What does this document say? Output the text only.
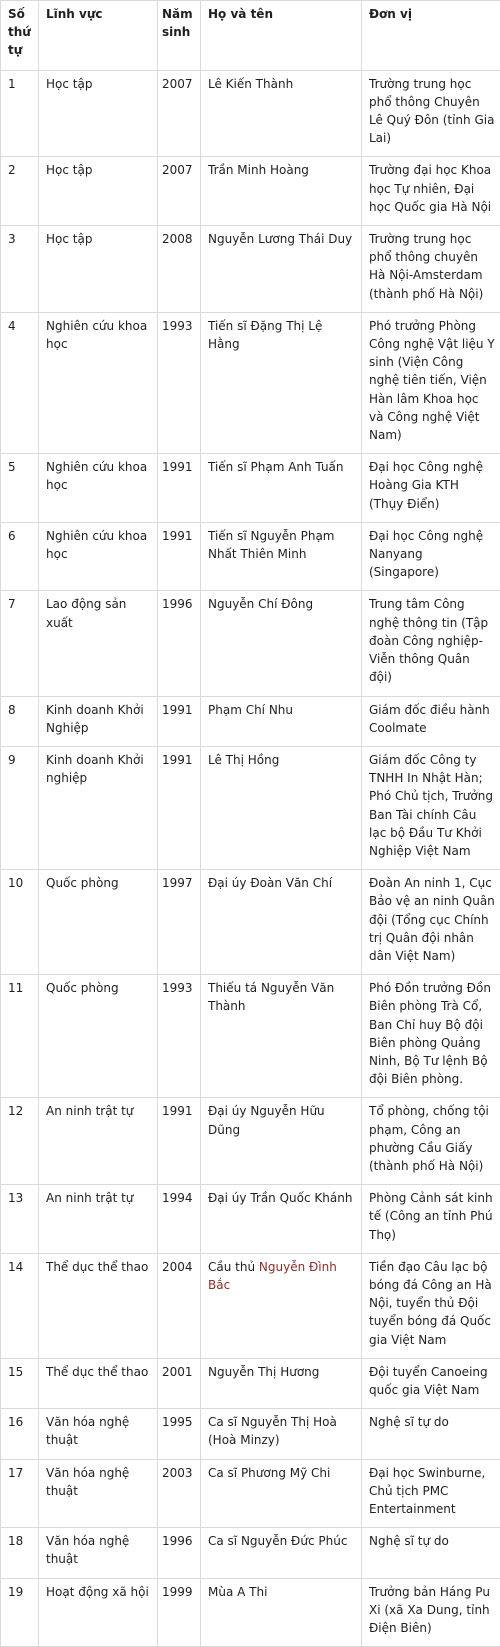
Số thứ tự	Lĩnh vực	Năm sinh	Họ và tên	Đơn vị
1	Học tập	2007	Lê Kiến Thành	Trường trung học phổ thông Chuyên Lê Quý Đôn (tỉnh Gia Lai)
2	Học tập	2007	Trần Minh Hoàng	Trường đại học Khoa học Tự nhiên, Đại học Quốc gia Hà Nội
3	Học tập	2008	Nguyễn Lương Thái Duy	Trường trung học phổ thông chuyên Hà Nội-Amsterdam (thành phố Hà Nội)
4	Nghiên cứu khoa học	1993	Tiến sĩ Đặng Thị Lệ Hằng	Phó trưởng Phòng Công nghệ Vật liệu Y sinh (Viện Công nghệ tiên tiến, Viện Hàn lâm Khoa học và Công nghệ Việt Nam)
5	Nghiên cứu khoa học	1991	Tiến sĩ Phạm Anh Tuấn	Đại học Công nghệ Hoàng Gia KTH (Thụy Điển)
6	Nghiên cứu khoa học	1991	Tiến sĩ Nguyễn Phạm Nhất Thiên Minh	Đại học Công nghệ Nanyang (Singapore)
7	Lao động sản xuất	1996	Nguyễn Chí Đông	Trung tâm Công nghệ thông tin (Tập đoàn Công nghiệp-Viễn thông Quân đội)
8	Kinh doanh Khởi Nghiệp	1991	Phạm Chí Nhu	Giám đốc điều hành Coolmate
9	Kinh doanh Khởi nghiệp	1991	Lê Thị Hồng	Giám đốc Công ty TNHH In Nhật Hàn; Phó Chủ tịch, Trưởng Ban Tài chính Câu lạc bộ Đầu Tư Khởi Nghiệp Việt Nam
10	Quốc phòng	1997	Đại úy Đoàn Văn Chí	Đoàn An ninh 1, Cục Bảo vệ an ninh Quân đội (Tổng cục Chính trị Quân đội nhân dân Việt Nam)
11	Quốc phòng	1993	Thiếu tá Nguyễn Văn Thành	Phó Đồn trưởng Đồn Biên phòng Trà Cổ, Ban Chỉ huy Bộ đội Biên phòng Quảng Ninh, Bộ Tư lệnh Bộ đội Biên phòng.
12	An ninh trật tự	1991	Đại úy Nguyễn Hữu Dũng	Tổ phòng, chống tội phạm, Công an phường Cầu Giấy (thành phố Hà Nội)
13	An ninh trật tự	1994	Đại úy Trần Quốc Khánh	Phòng Cảnh sát kinh tế (Công an tỉnh Phú Thọ)
14	Thể dục thể thao	2004	Cầu thủ Nguyễn Đình Bắc	Tiền đạo Câu lạc bộ bóng đá Công an Hà Nội, tuyển thủ Đội tuyển bóng đá Quốc gia Việt Nam
15	Thể dục thể thao	2001	Nguyễn Thị Hương	Đội tuyển Canoeing quốc gia Việt Nam
16	Văn hóa nghệ thuật	1995	Ca sĩ Nguyễn Thị Hoà (Hoà Minzy)	Nghệ sĩ tự do
17	Văn hóa nghệ thuật	2003	Ca sĩ Phương Mỹ Chi	Đại học Swinburne, Chủ tịch PMC Entertainment
18	Văn hóa nghệ thuật	1996	Ca sĩ Nguyễn Đức Phúc	Nghệ sĩ tự do
19	Hoạt động xã hội	1999	Mùa A Thi	Trưởng bản Háng Pu Xi (xã Xa Dung, tỉnh Điện Biên)
